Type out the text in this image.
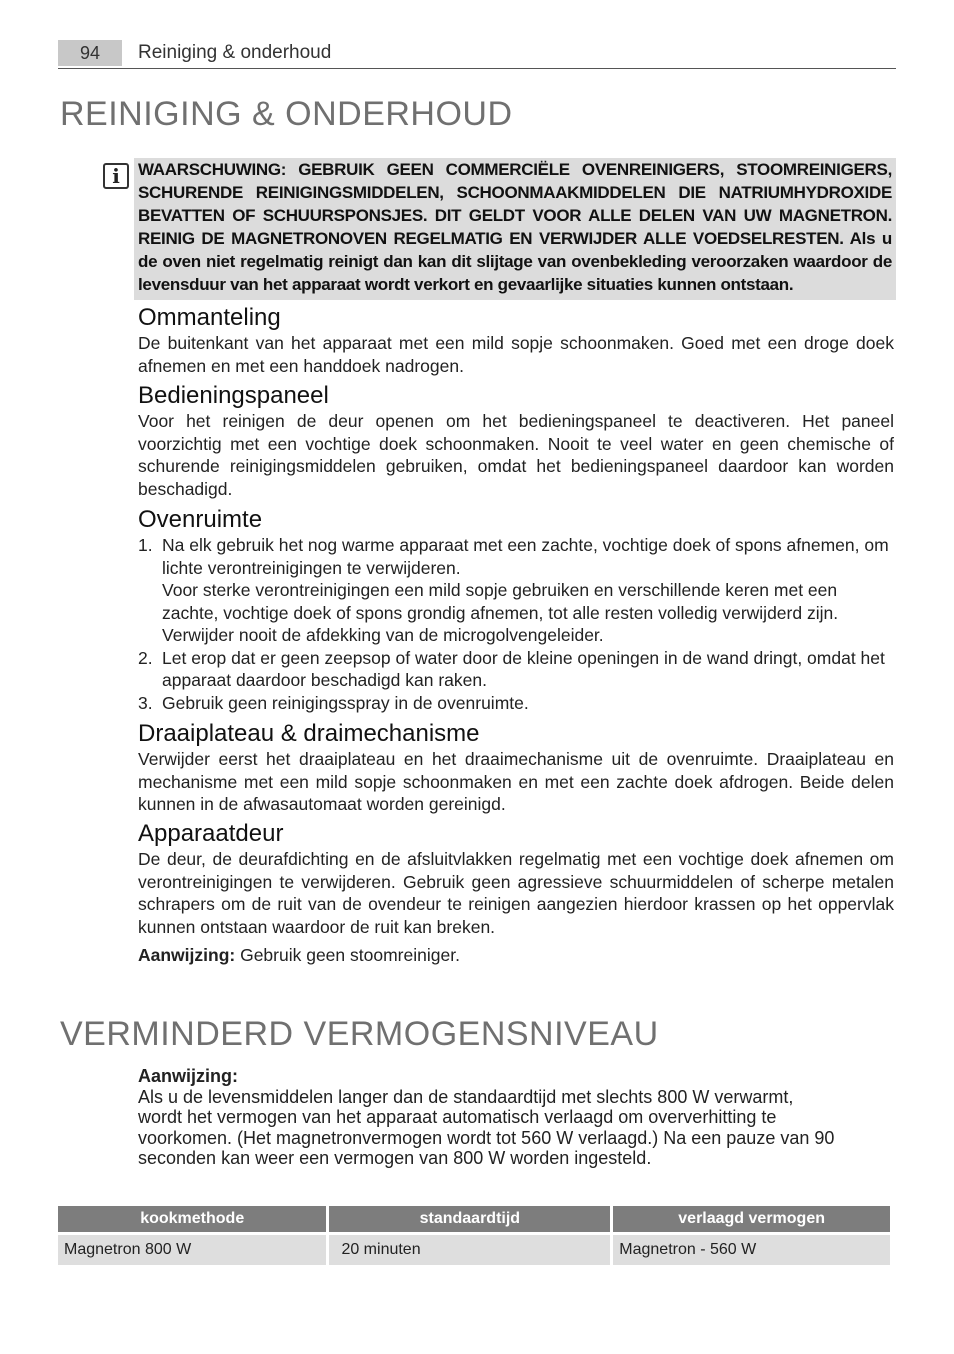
94	Reiniging & onderhoud
REINIGING & ONDERHOUD
i	WAARSCHUWING: GEBRUIK GEEN COMMERCIËLE OVENREINIGERS, STOOMREINIGERS, SCHURENDE REINIGINGSMIDDELEN, SCHOONMAAKMIDDELEN DIE NATRIUMHYDROXIDE BEVATTEN OF SCHUURSPONSJES. DIT GELDT VOOR ALLE DELEN VAN UW MAGNETRON. REINIG DE MAGNETRONOVEN REGELMATIG EN VERWIJDER ALLE VOEDSELRESTEN. Als u de oven niet regelmatig reinigt dan kan dit slijtage van ovenbekleding veroorzaken waardoor de levensduur van het apparaat wordt verkort en gevaarlijke situaties kunnen ontstaan.
Ommanteling

De buitenkant van het apparaat met een mild sopje schoonmaken. Goed met een droge doek afnemen en met een handdoek nadrogen.

Bedieningspaneel

Voor het reinigen de deur openen om het bedieningspaneel te deactiveren. Het paneel voorzichtig met een vochtige doek schoonmaken. Nooit te veel water en geen chemische of schurende reinigingsmiddelen gebruiken, omdat het bedieningspaneel daardoor kan worden beschadigd.

Ovenruimte
1. Na elk gebruik het nog warme apparaat met een zachte, vochtige doek of spons afnemen, om lichte verontreinigingen te verwijderen.
Voor sterke verontreinigingen een mild sopje gebruiken en verschillende keren met een zachte, vochtige doek of spons grondig afnemen, tot alle resten volledig verwijderd zijn. Verwijder nooit de afdekking van de microgolvengeleider.
2. Let erop dat er geen zeepsop of water door de kleine openingen in de wand dringt, omdat het apparaat daardoor beschadigd kan raken.
3. Gebruik geen reinigingsspray in de ovenruimte.
Draaiplateau & draimechanisme

Verwijder eerst het draaiplateau en het draaimechanisme uit de ovenruimte. Draaiplateau en mechanisme met een mild sopje schoonmaken en met een zachte doek afdrogen. Beide delen kunnen in de afwasautomaat worden gereinigd.

Apparaatdeur

De deur, de deurafdichting en de afsluitvlakken regelmatig met een vochtige doek afnemen om verontreinigingen te verwijderen. Gebruik geen agressieve schuurmiddelen of scherpe metalen schrapers om de ruit van de ovendeur te reinigen aangezien hierdoor krassen op het oppervlak kunnen ontstaan waardoor de ruit kan breken.

Aanwijzing: Gebruik geen stoomreiniger.
VERMINDERD VERMOGENSNIVEAU
Aanwijzing:
Als u de levensmiddelen langer dan de standaardtijd met slechts 800 W verwarmt, wordt het vermogen van het apparaat automatisch verlaagd om oververhitting te voorkomen. (Het magnetronvermogen wordt tot 560 W verlaagd.) Na een pauze van 90 seconden kan weer een vermogen van 800 W worden ingesteld.
kookmethode	standaardtijd	verlaagd vermogen
Magnetron 800 W	20 minuten	Magnetron - 560 W
